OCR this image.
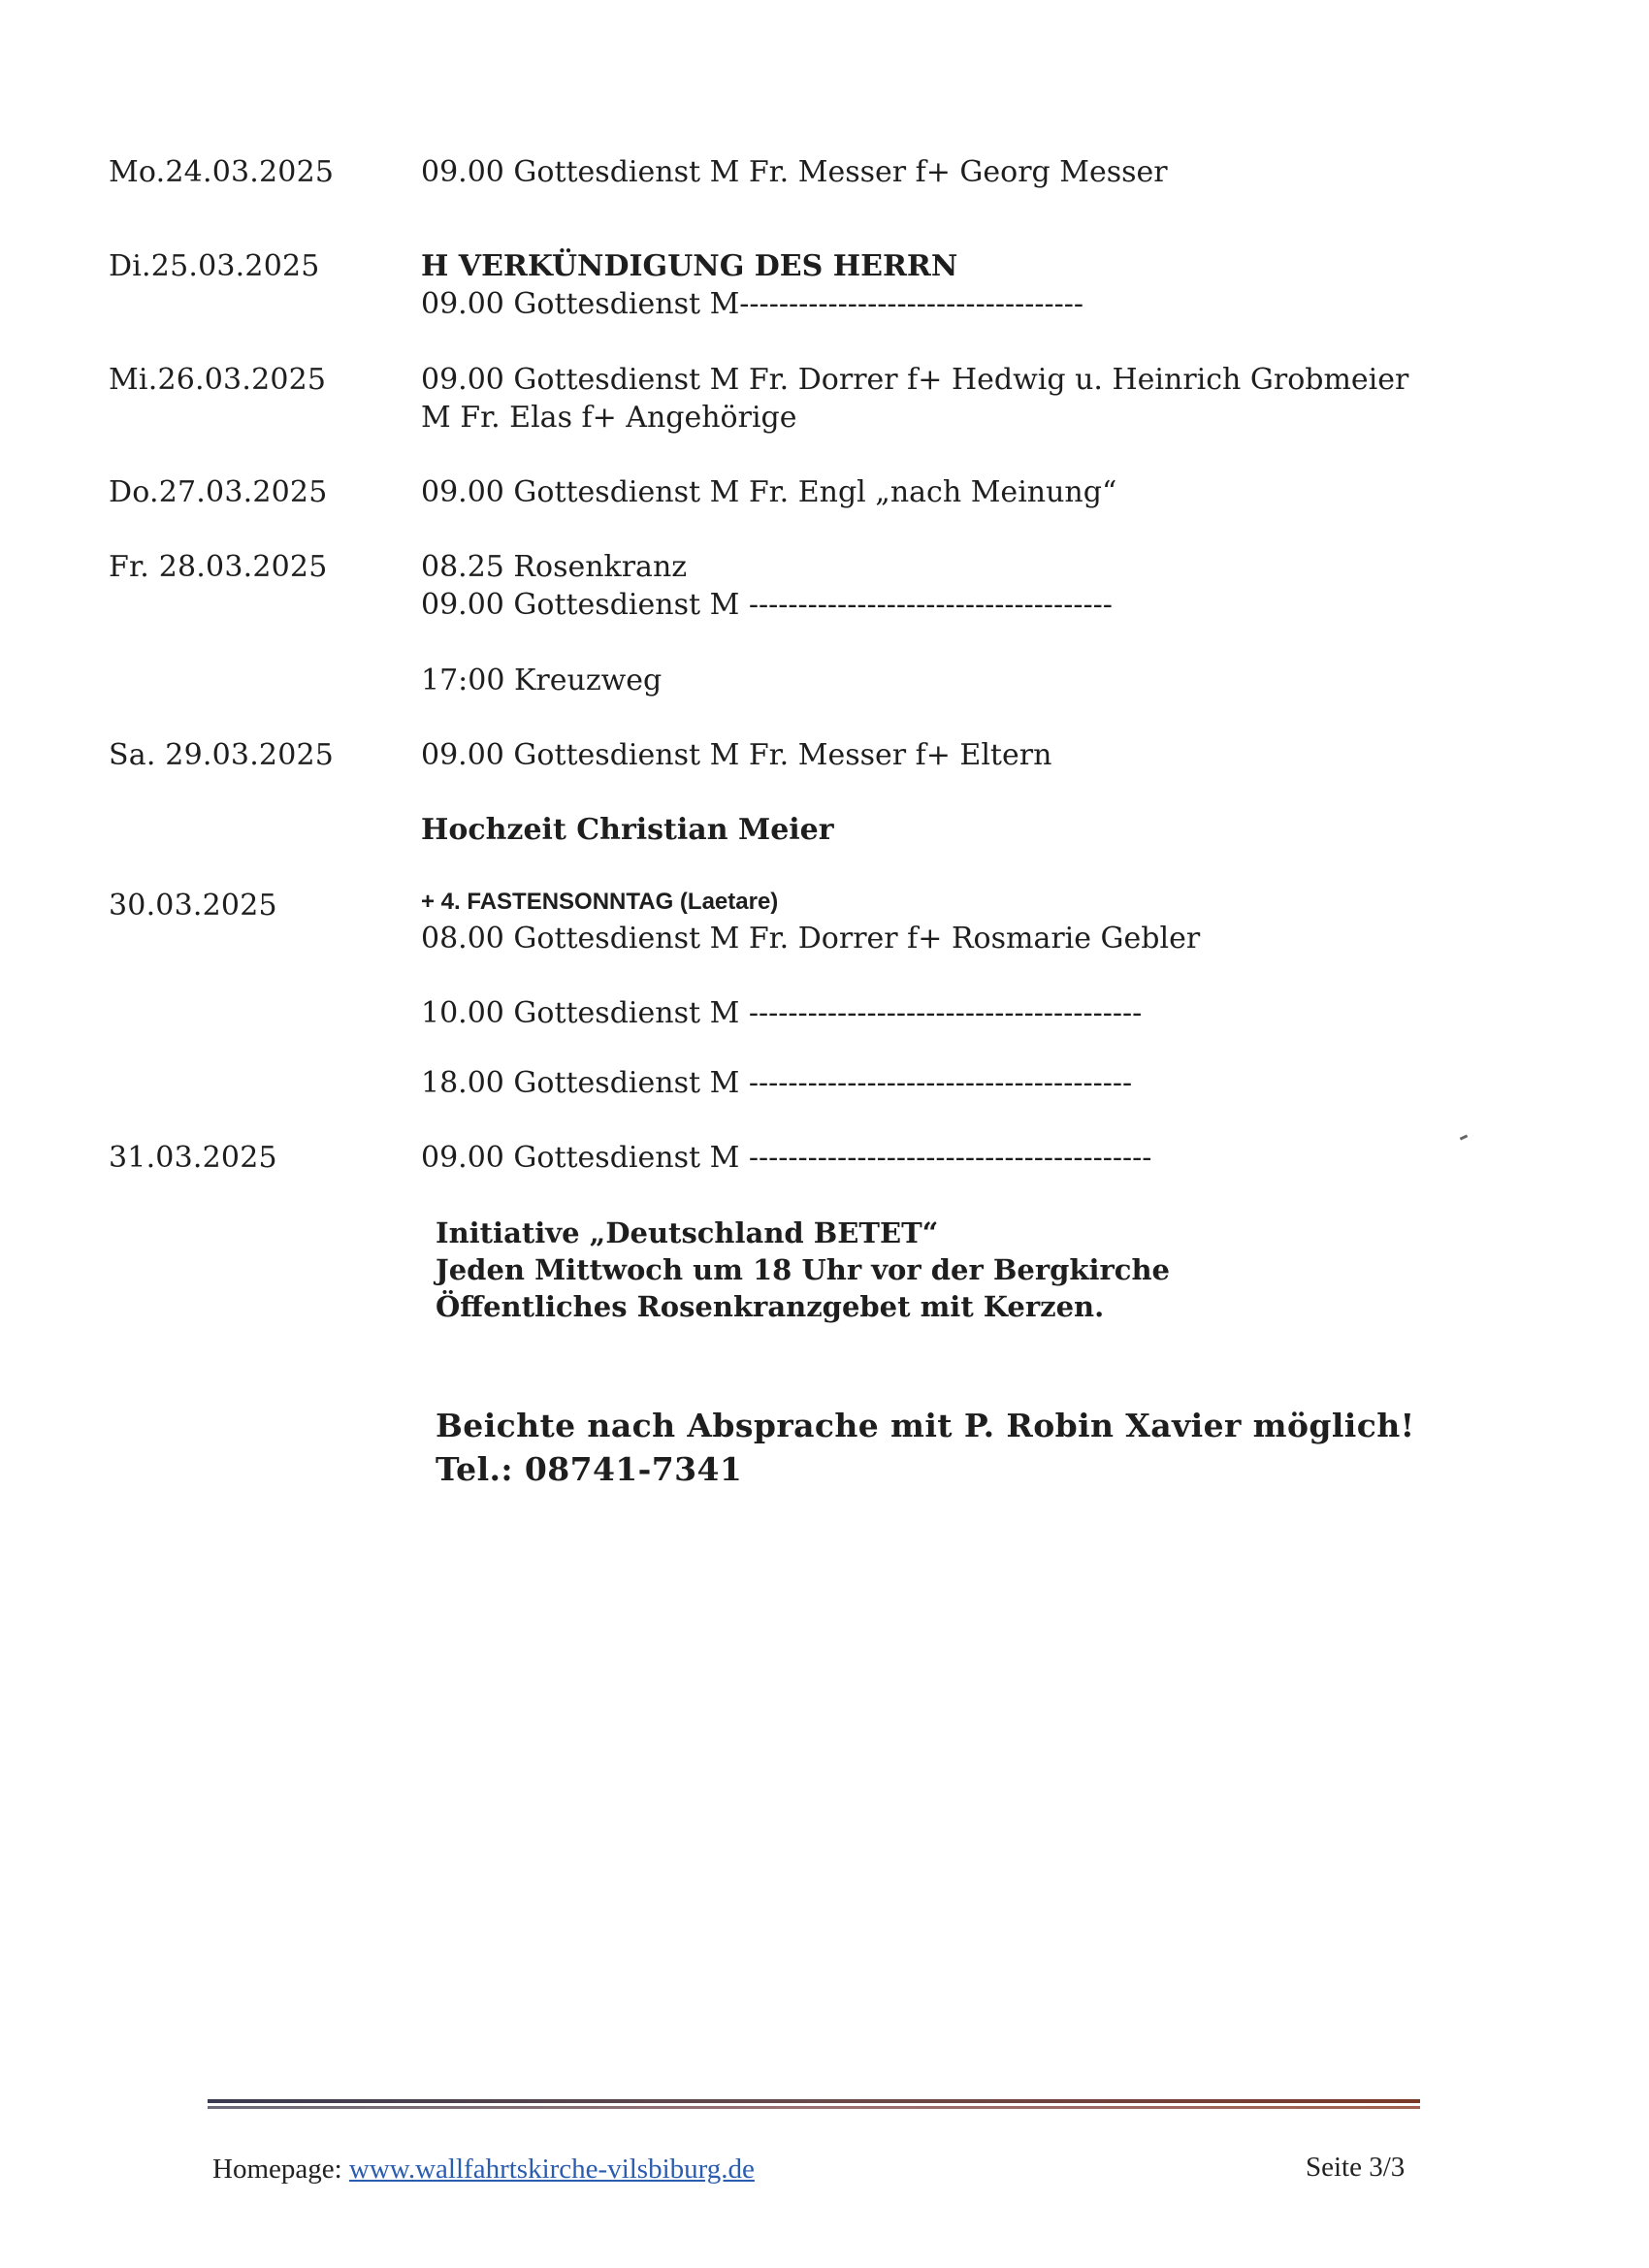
Mo.24.03.2025	09.00 Gottesdienst M Fr. Messer f+ Georg Messer
Di.25.03.2025	H VERKÜNDIGUNG DES HERRN
09.00 Gottesdienst M-----------------------------------
Mi.26.03.2025	09.00 Gottesdienst M Fr. Dorrer f+ Hedwig u. Heinrich Grobmeier
M Fr. Elas f+ Angehörige
Do.27.03.2025	09.00 Gottesdienst M Fr. Engl „nach Meinung“
Fr. 28.03.2025	08.25 Rosenkranz
09.00 Gottesdienst M -------------------------------------
17:00 Kreuzweg
Sa. 29.03.2025	09.00 Gottesdienst M Fr. Messer f+ Eltern
Hochzeit Christian Meier
30.03.2025	+ 4. FASTENSONNTAG (Laetare)
08.00 Gottesdienst M Fr. Dorrer f+ Rosmarie Gebler
10.00 Gottesdienst M ----------------------------------------
18.00 Gottesdienst M ---------------------------------------
31.03.2025	09.00 Gottesdienst M -----------------------------------------
Initiative „Deutschland BETET“
Jeden Mittwoch um 18 Uhr vor der Bergkirche
Öffentliches Rosenkranzgebet mit Kerzen.
Beichte nach Absprache mit P. Robin Xavier möglich!
Tel.: 08741-7341
Homepage: www.wallfahrtskirche-vilsbiburg.de	Seite 3/3
